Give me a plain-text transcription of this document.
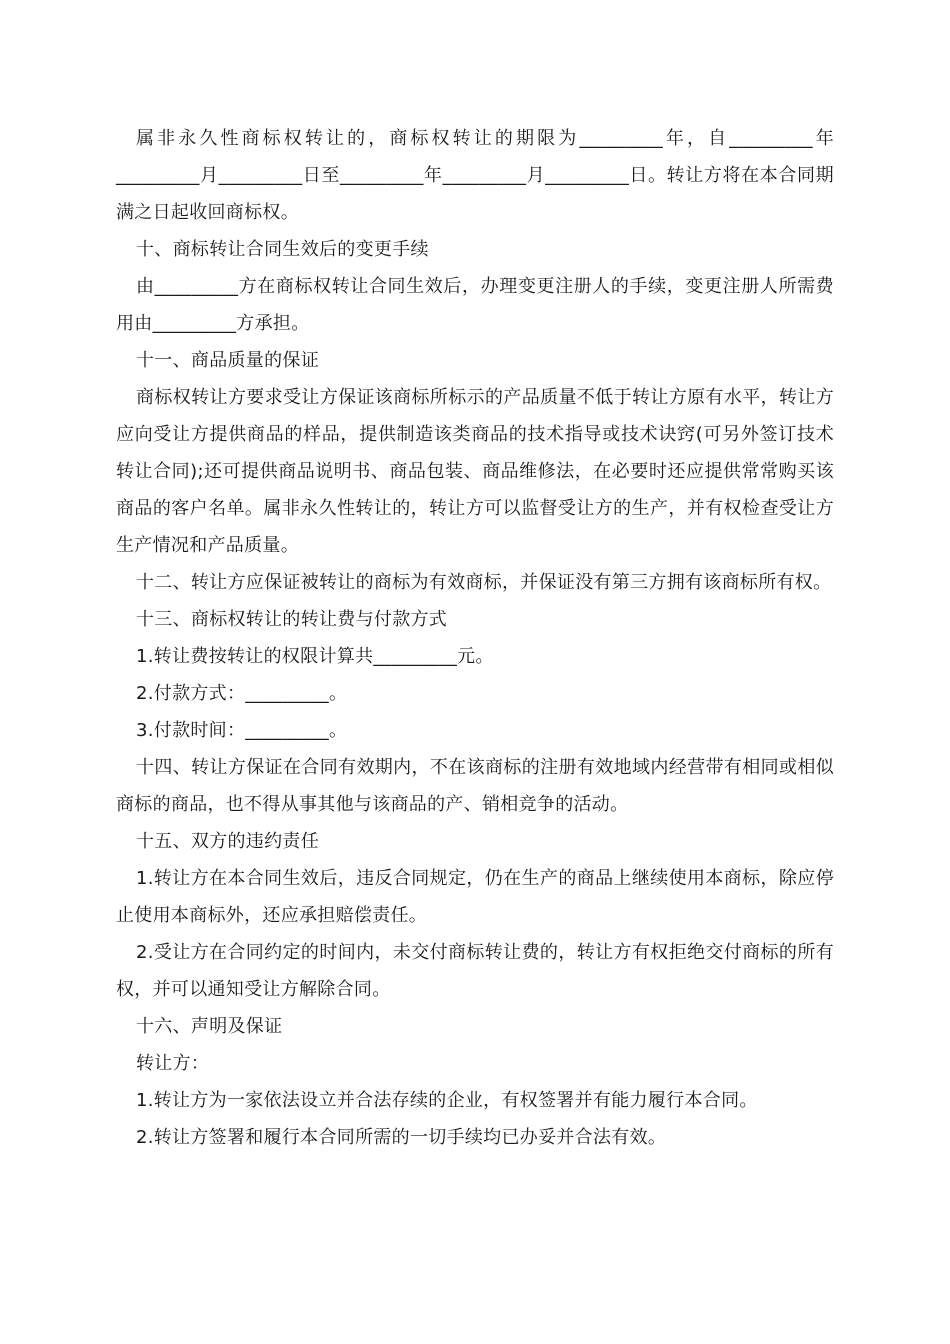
属非永久性商标权转让的，商标权转让的期限为_________年，自_________年_________月_________日至_________年_________月_________日。转让方将在本合同期满之日起收回商标权。

十、商标转让合同生效后的变更手续

由_________方在商标权转让合同生效后，办理变更注册人的手续，变更注册人所需费用由_________方承担。

十一、商品质量的保证

商标权转让方要求受让方保证该商标所标示的产品质量不低于转让方原有水平，转让方应向受让方提供商品的样品，提供制造该类商品的技术指导或技术诀窍(可另外签订技术转让合同);还可提供商品说明书、商品包装、商品维修法，在必要时还应提供常常购买该商品的客户名单。属非永久性转让的，转让方可以监督受让方的生产，并有权检查受让方生产情况和产品质量。

十二、转让方应保证被转让的商标为有效商标，并保证没有第三方拥有该商标所有权。

十三、商标权转让的转让费与付款方式

1.转让费按转让的权限计算共_________元。

2.付款方式：_________。

3.付款时间：_________。

十四、转让方保证在合同有效期内，不在该商标的注册有效地域内经营带有相同或相似商标的商品，也不得从事其他与该商品的产、销相竞争的活动。

十五、双方的违约责任

1.转让方在本合同生效后，违反合同规定，仍在生产的商品上继续使用本商标，除应停止使用本商标外，还应承担赔偿责任。

2.受让方在合同约定的时间内，未交付商标转让费的，转让方有权拒绝交付商标的所有权，并可以通知受让方解除合同。

十六、声明及保证

转让方：

1.转让方为一家依法设立并合法存续的企业，有权签署并有能力履行本合同。

2.转让方签署和履行本合同所需的一切手续均已办妥并合法有效。
